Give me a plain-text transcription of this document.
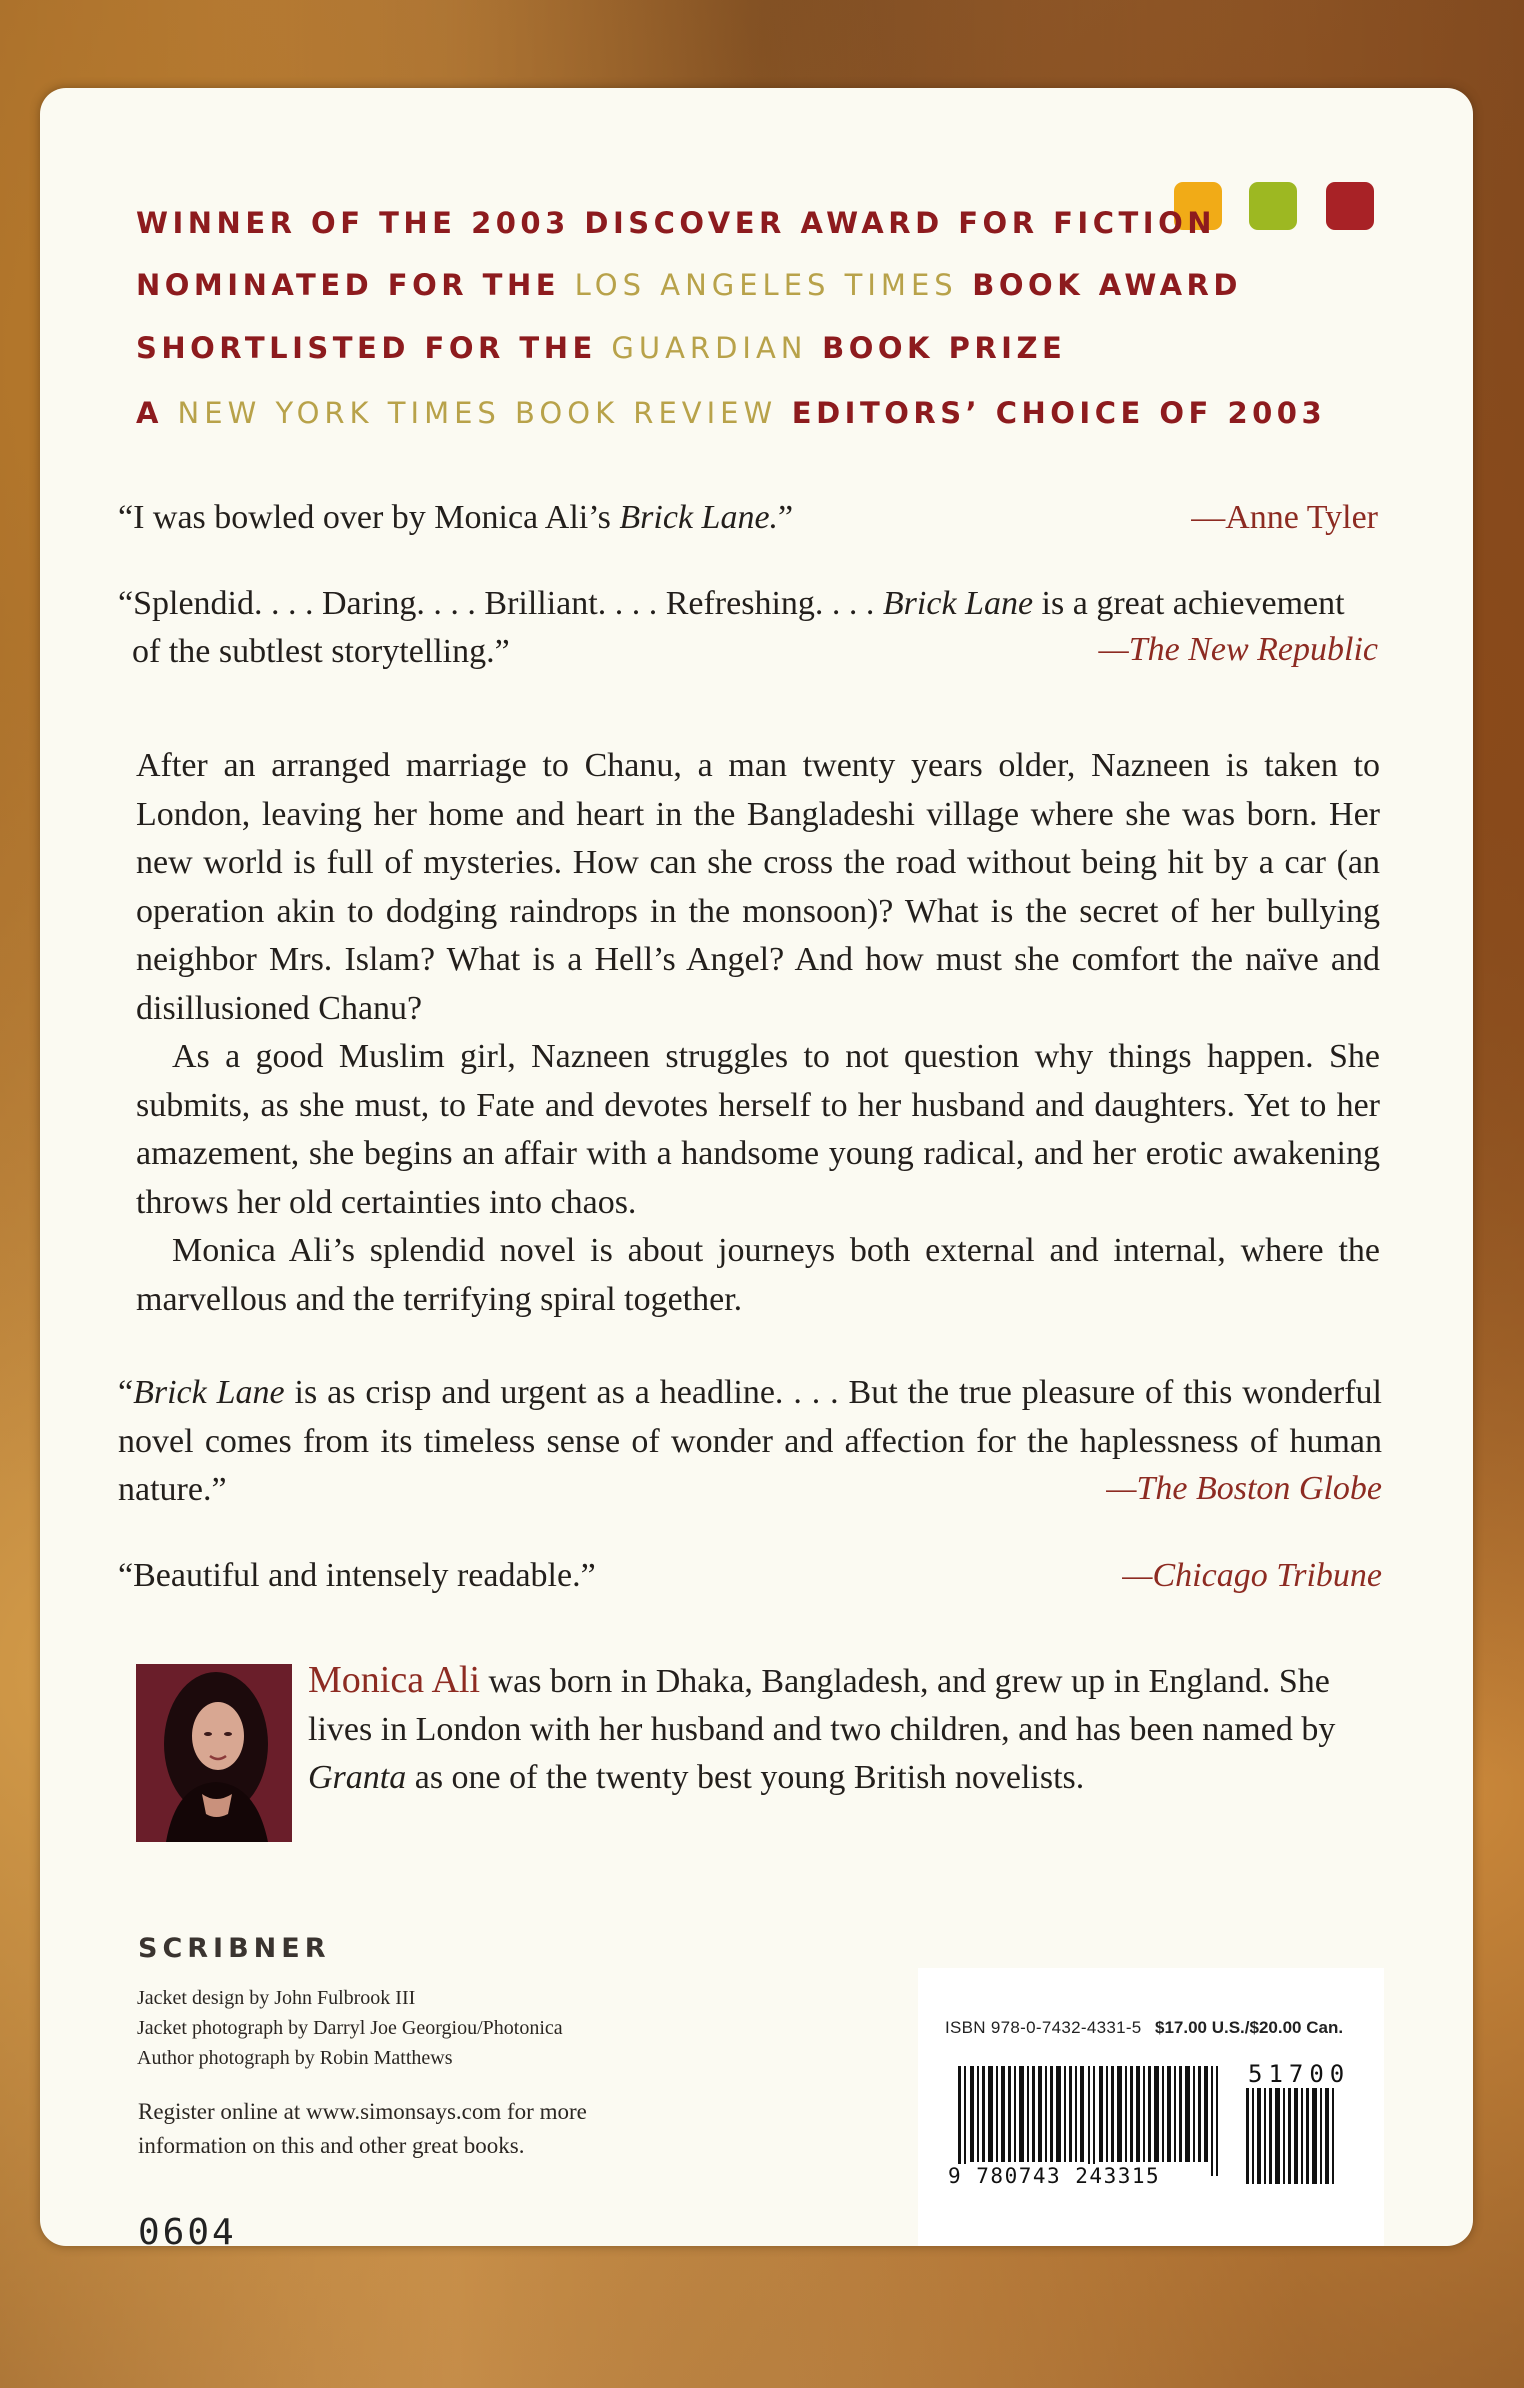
WINNER OF THE 2003 DISCOVER AWARD FOR FICTION
NOMINATED FOR THE LOS ANGELES TIMES BOOK AWARD
SHORTLISTED FOR THE GUARDIAN BOOK PRIZE
A NEW YORK TIMES BOOK REVIEW EDITORS’ CHOICE OF 2003
“I was bowled over by Monica Ali’s Brick Lane.”	—Anne Tyler
“Splendid. . . . Daring. . . . Brilliant. . . . Refreshing. . . . Brick Lane is a great achievement
of the subtlest storytelling.”	—The New Republic

After an arranged marriage to Chanu, a man twenty years older, Nazneen is taken to London, leaving her home and heart in the Bangladeshi village where she was born. Her new world is full of mysteries. How can she cross the road without being hit by a car (an operation akin to dodging raindrops in the monsoon)? What is the secret of her bullying neighbor Mrs. Islam? What is a Hell’s Angel? And how must she comfort the naïve and disillusioned Chanu?

As a good Muslim girl, Nazneen struggles to not question why things happen. She submits, as she must, to Fate and devotes herself to her husband and daughters. Yet to her amazement, she begins an affair with a handsome young radical, and her erotic awakening throws her old certainties into chaos.

Monica Ali’s splendid novel is about journeys both external and internal, where the marvellous and the terrifying spiral together.

“Brick Lane is as crisp and urgent as a headline. . . . But the true pleasure of this wonderful novel comes from its timeless sense of wonder and affection for the haplessness of human nature.”	—The Boston Globe
“Beautiful and intensely readable.”	—Chicago Tribune
Monica Ali was born in Dhaka, Bangladesh, and grew up in England. She lives in London with her husband and two children, and has been named by Granta as one of the twenty best young British novelists.
SCRIBNER
Jacket design by John Fulbrook III
Jacket photograph by Darryl Joe Georgiou/Photonica
Author photograph by Robin Matthews
Register online at www.simonsays.com for more
information on this and other great books.
0604
ISBN 978-0-7432-4331-5 $17.00 U.S./$20.00 Can.
51700
9 780743 243315
